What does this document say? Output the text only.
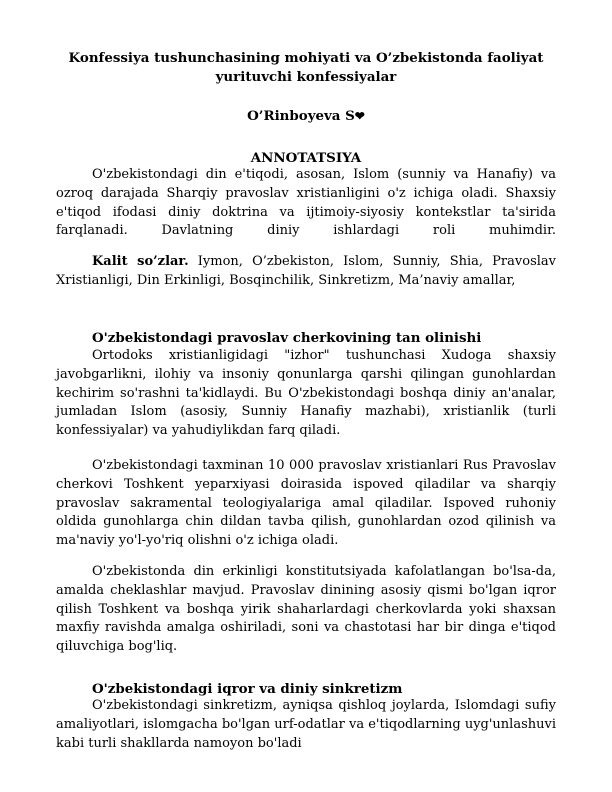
Konfessiya tushunchasining mohiyati va O’zbekistonda faoliyat yurituvchi konfessiyalar
O’Rinboyeva S❤
ANNOTATSIYA

O'zbekistondagi din e'tiqodi, asosan, Islom (sunniy va Hanafiy) va ozroq darajada Sharqiy pravoslav xristianligini o'z ichiga oladi. Shaxsiy e'tiqod ifodasi diniy doktrina va ijtimoiy-siyosiy kontekstlar ta'sirida farqlanadi. Davlatning diniy ishlardagi roli muhimdir.

Kalit so’zlar. Iymon, O’zbekiston, Islom, Sunniy, Shia, Pravoslav Xristianligi, Din Erkinligi, Bosqinchilik, Sinkretizm, Ma’naviy amallar,

O'zbekistondagi pravoslav cherkovining tan olinishi

Ortodoks xristianligidagi "izhor" tushunchasi Xudoga shaxsiy javobgarlikni, ilohiy va insoniy qonunlarga qarshi qilingan gunohlardan kechirim so'rashni ta'kidlaydi. Bu O'zbekistondagi boshqa diniy an'analar, jumladan Islom (asosiy, Sunniy Hanafiy mazhabi), xristianlik (turli konfessiyalar) va yahudiylikdan farq qiladi.

O'zbekistondagi taxminan 10 000 pravoslav xristianlari Rus Pravoslav cherkovi Toshkent yeparxiyasi doirasida ispoved qiladilar va sharqiy pravoslav sakramental teologiyalariga amal qiladilar. Ispoved ruhoniy oldida gunohlarga chin dildan tavba qilish, gunohlardan ozod qilinish va ma'naviy yo'l-yo'riq olishni o'z ichiga oladi.

O'zbekistonda din erkinligi konstitutsiyada kafolatlangan bo'lsa-da, amalda cheklashlar mavjud. Pravoslav dinining asosiy qismi bo'lgan iqror qilish Toshkent va boshqa yirik shaharlardagi cherkovlarda yoki shaxsan maxfiy ravishda amalga oshiriladi, soni va chastotasi har bir dinga e'tiqod qiluvchiga bog'liq.

O'zbekistondagi iqror va diniy sinkretizm

O'zbekistondagi sinkretizm, ayniqsa qishloq joylarda, Islomdagi sufiy amaliyotlari, islomgacha bo'lgan urf-odatlar va e'tiqodlarning uyg'unlashuvi kabi turli shakllarda namoyon bo'ladi
